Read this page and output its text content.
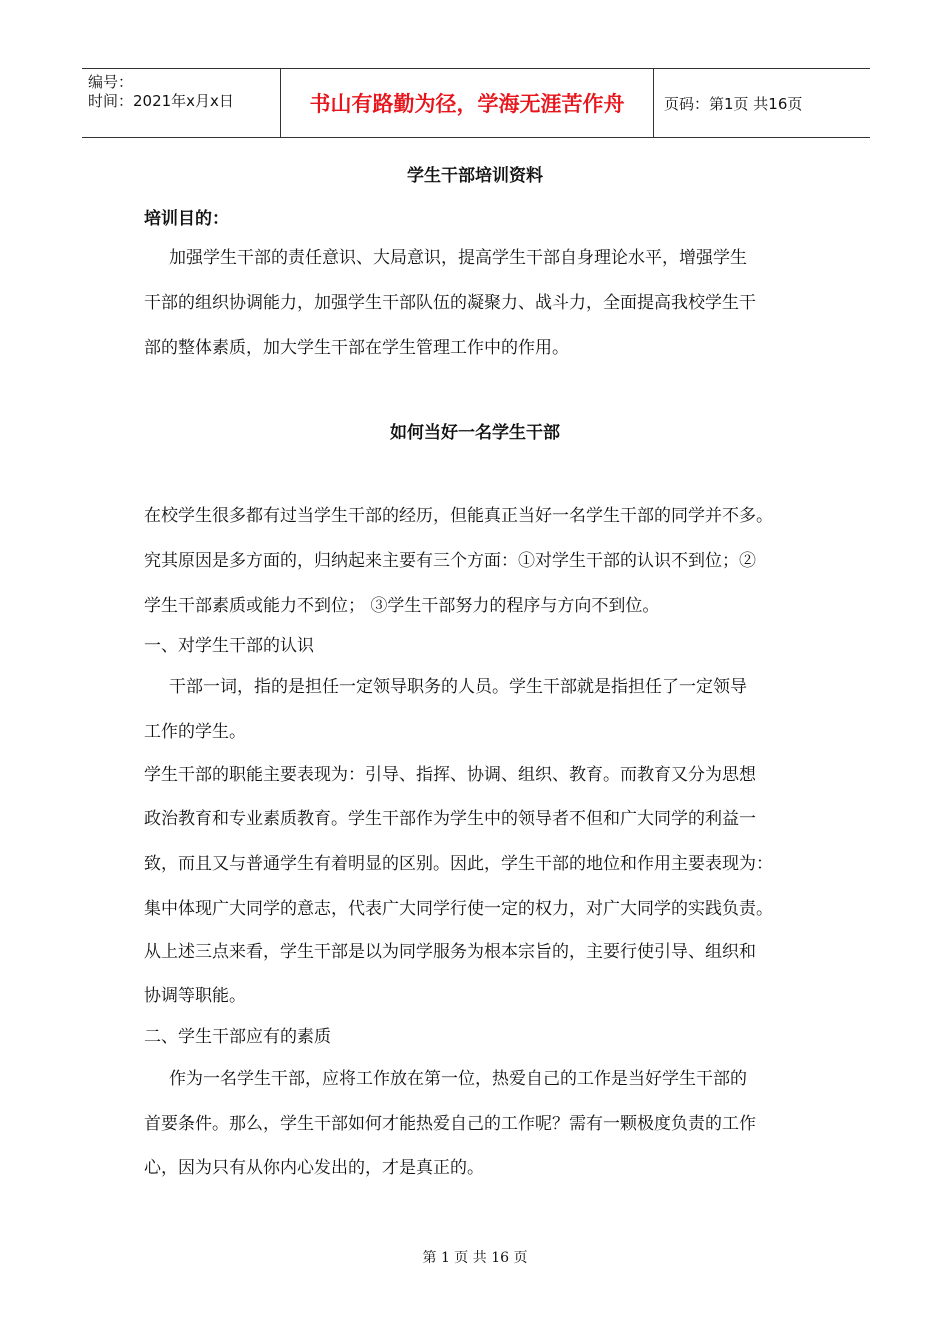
编号：
时间：2021年x月x日	书山有路勤为径，学海无涯苦作舟	页码：第1页 共16页
学生干部培训资料
培训目的：
加强学生干部的责任意识、大局意识，提高学生干部自身理论水平，增强学生
干部的组织协调能力，加强学生干部队伍的凝聚力、战斗力，全面提高我校学生干
部的整体素质，加大学生干部在学生管理工作中的作用。
如何当好一名学生干部
在校学生很多都有过当学生干部的经历，但能真正当好一名学生干部的同学并不多。
究其原因是多方面的，归纳起来主要有三个方面：①对学生干部的认识不到位；②
学生干部素质或能力不到位； ③学生干部努力的程序与方向不到位。
一、对学生干部的认识
干部一词，指的是担任一定领导职务的人员。学生干部就是指担任了一定领导
工作的学生。
学生干部的职能主要表现为：引导、指挥、协调、组织、教育。而教育又分为思想
政治教育和专业素质教育。学生干部作为学生中的领导者不但和广大同学的利益一
致，而且又与普通学生有着明显的区别。因此，学生干部的地位和作用主要表现为：
集中体现广大同学的意志，代表广大同学行使一定的权力，对广大同学的实践负责。
从上述三点来看，学生干部是以为同学服务为根本宗旨的，主要行使引导、组织和
协调等职能。
二、学生干部应有的素质
作为一名学生干部，应将工作放在第一位，热爱自己的工作是当好学生干部的
首要条件。那么，学生干部如何才能热爱自己的工作呢？需有一颗极度负责的工作
心，因为只有从你内心发出的，才是真正的。
第 1 页 共 16 页
